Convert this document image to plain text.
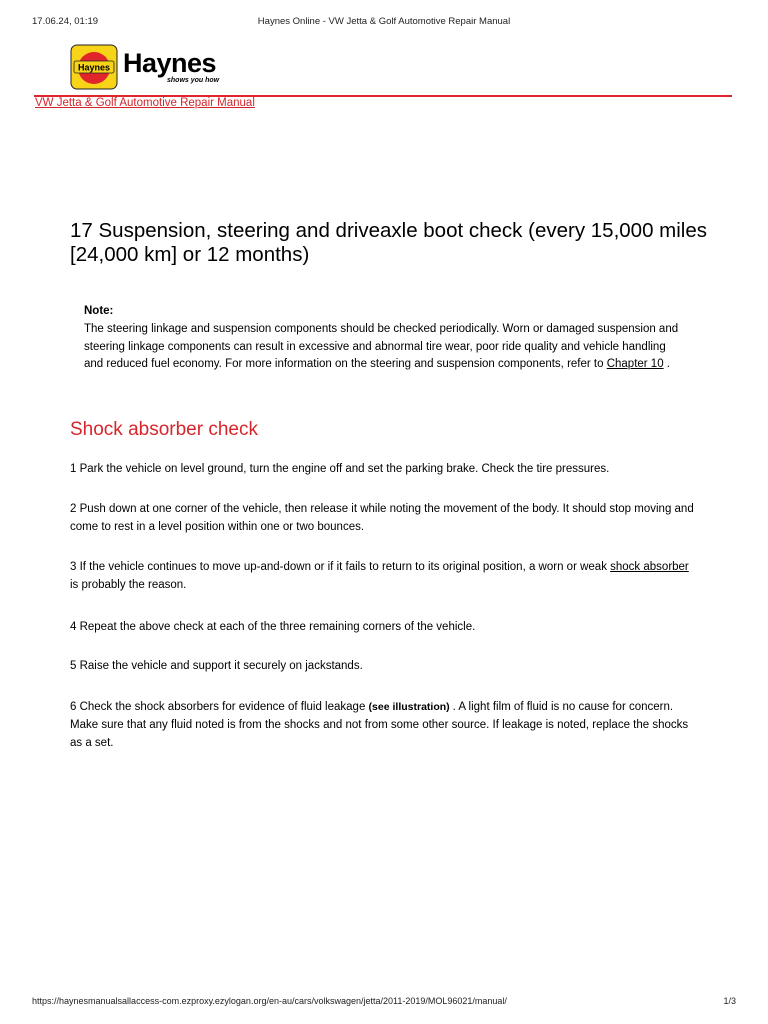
17.06.24, 01:19	Haynes Online - VW Jetta & Golf Automotive Repair Manual
Haynes Haynes
shows you how
VW Jetta & Golf Automotive Repair Manual
17 Suspension, steering and driveaxle boot check (every 15,000 miles [24,000 km] or 12 months)
Note:
The steering linkage and suspension components should be checked periodically. Worn or damaged suspension and steering linkage components can result in excessive and abnormal tire wear, poor ride quality and vehicle handling and reduced fuel economy. For more information on the steering and suspension components, refer to Chapter 10 .
Shock absorber check

1 Park the vehicle on level ground, turn the engine off and set the parking brake. Check the tire pressures.

2 Push down at one corner of the vehicle, then release it while noting the movement of the body. It should stop moving and come to rest in a level position within one or two bounces.

3 If the vehicle continues to move up-and-down or if it fails to return to its original position, a worn or weak shock absorber is probably the reason.

4 Repeat the above check at each of the three remaining corners of the vehicle.

5 Raise the vehicle and support it securely on jackstands.

6 Check the shock absorbers for evidence of fluid leakage (see illustration) . A light film of fluid is no cause for concern. Make sure that any fluid noted is from the shocks and not from some other source. If leakage is noted, replace the shocks as a set.

https://haynesmanualsallaccess-com.ezproxy.ezylogan.org/en-au/cars/volkswagen/jetta/2011-2019/MOL96021/manual/	1/3
